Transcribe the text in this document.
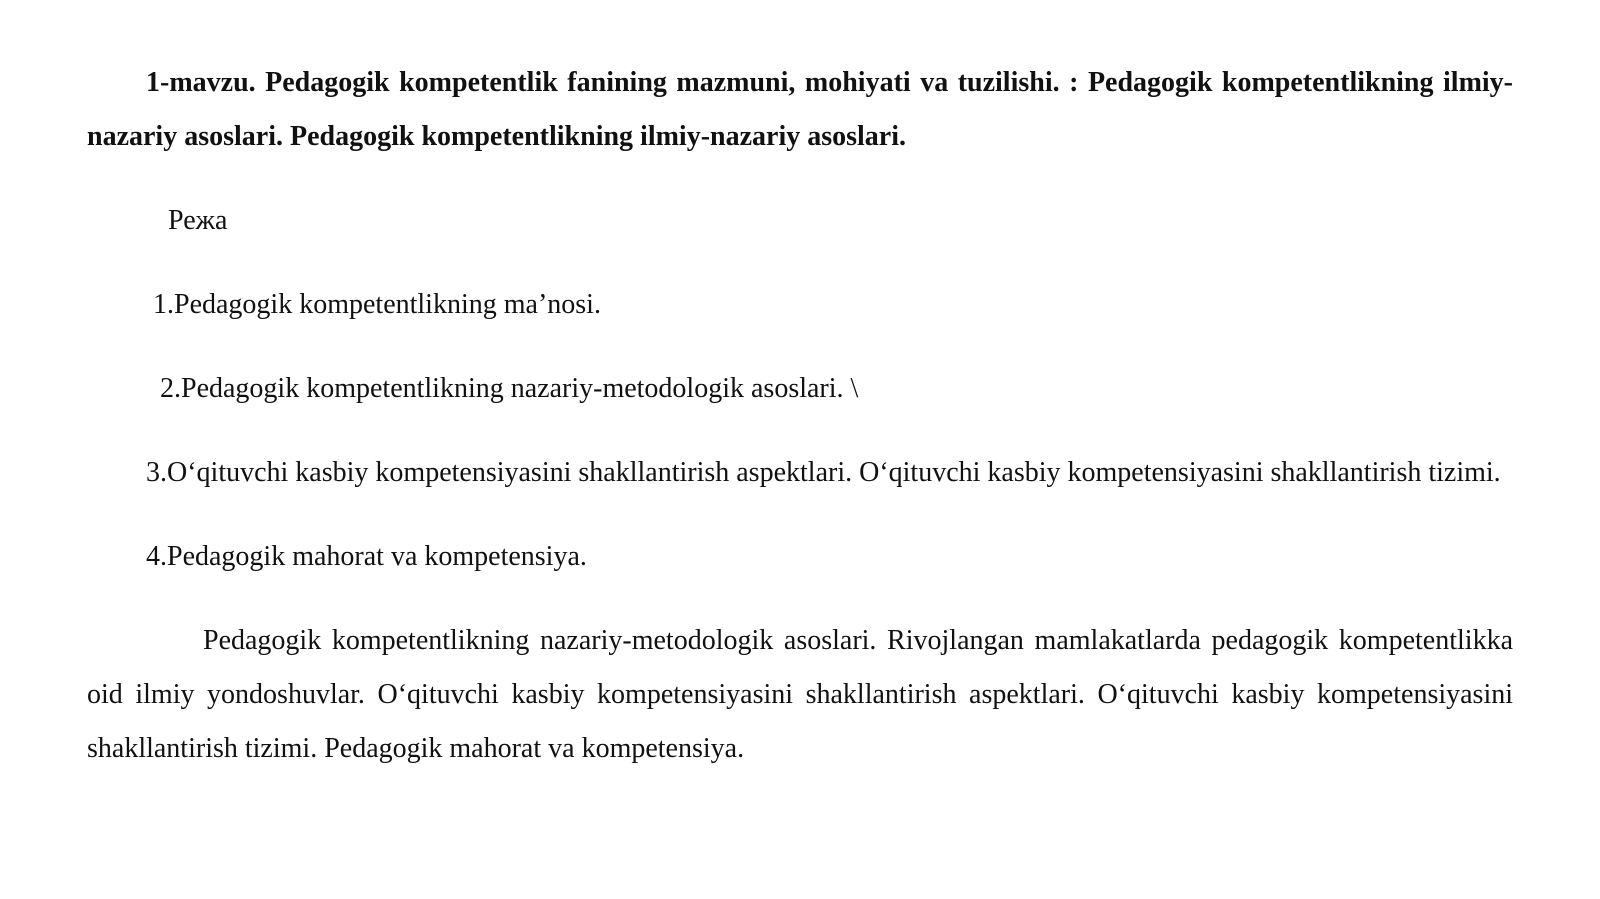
1-mavzu. Pedagogik kompetentlik fanining mazmuni, mohiyati va tuzilishi. : Pedagogik kompetentlikning ilmiy-nazariy asoslari. Pedagogik kompetentlikning ilmiy-nazariy asoslari.

Режа

1.Pedagogik kompetentlikning ma’nosi.

2.Pedagogik kompetentlikning nazariy-metodologik asoslari. \

3.O‘qituvchi kasbiy kompetensiyasini shakllantirish aspektlari. O‘qituvchi kasbiy kompetensiyasini shakllantirish tizimi.

4.Pedagogik mahorat va kompetensiya.

Pedagogik kompetentlikning nazariy-metodologik asoslari. Rivojlangan mamlakatlarda pedagogik kompetentlikka oid ilmiy yondoshuvlar. O‘qituvchi kasbiy kompetensiyasini shakllantirish aspektlari. O‘qituvchi kasbiy kompetensiyasini shakllantirish tizimi. Pedagogik mahorat va kompetensiya.
